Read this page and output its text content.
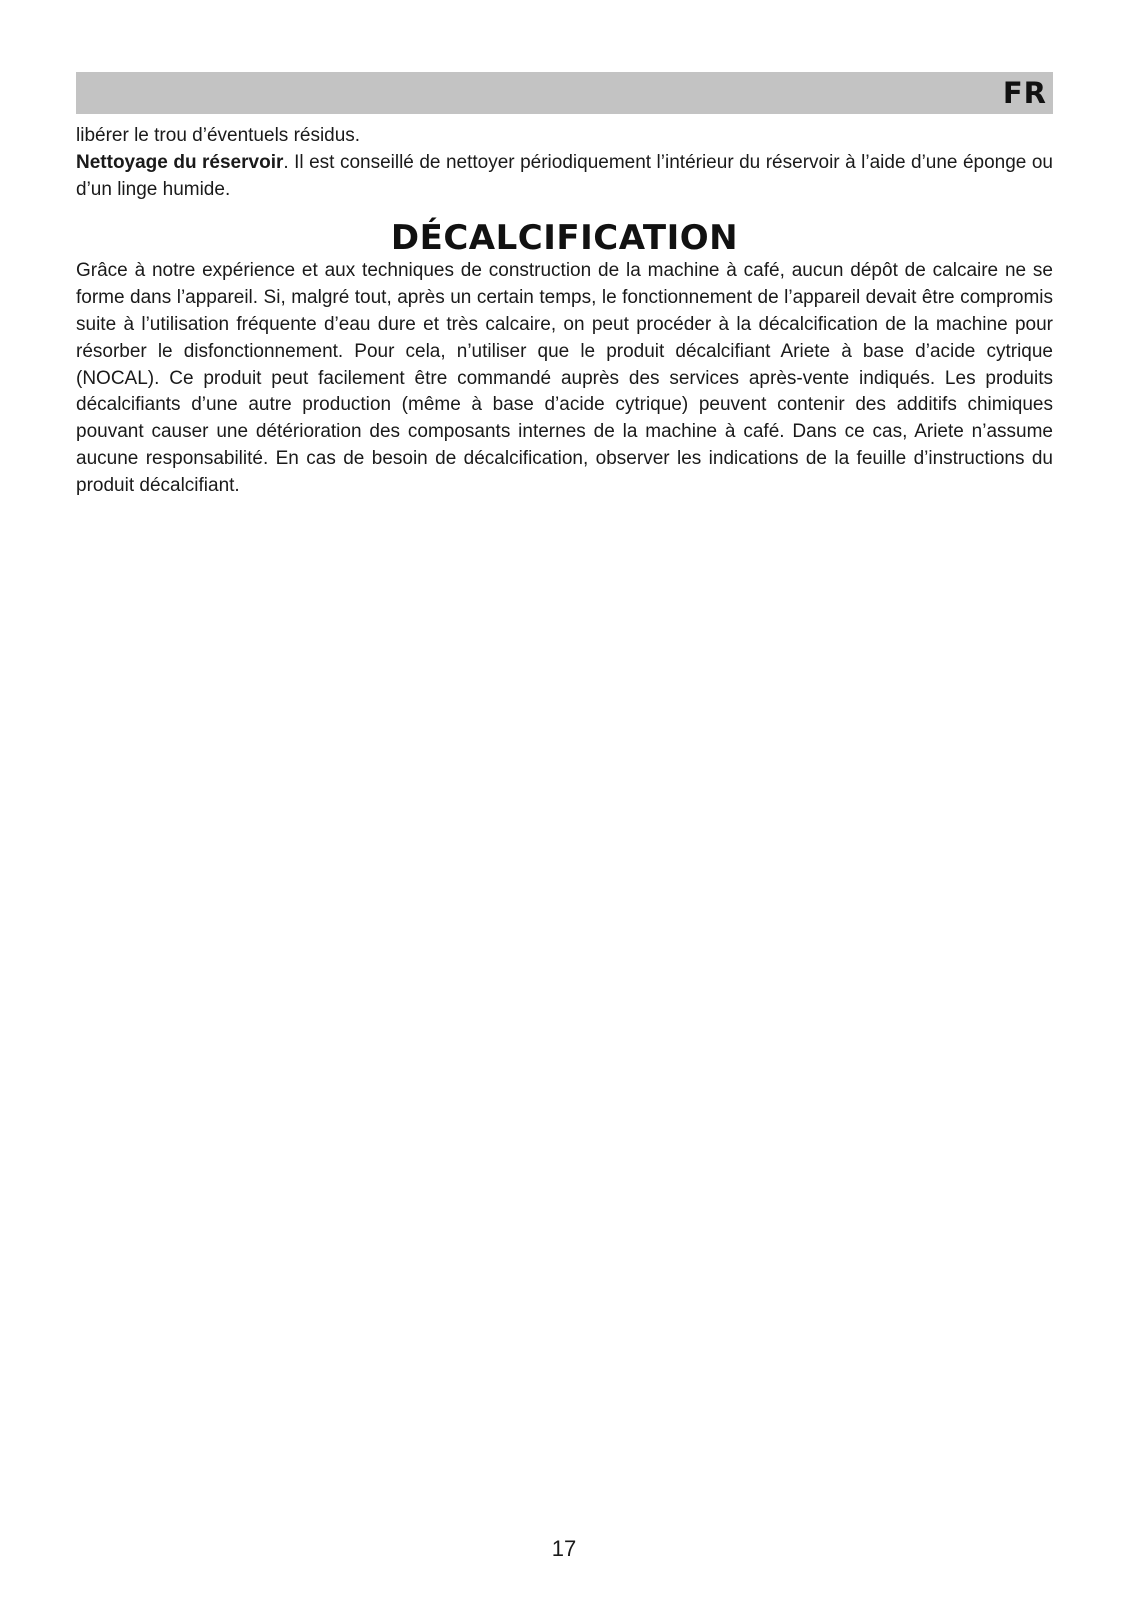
FR

libérer le trou d’éventuels résidus.

Nettoyage du réservoir. Il est conseillé de nettoyer périodiquement l’intérieur du réservoir à l’aide d’une éponge ou d’un linge humide.

DÉCALCIFICATION

Grâce à notre expérience et aux techniques de construction de la machine à café, aucun dépôt de calcaire ne se forme dans l’appareil. Si, malgré tout, après un certain temps, le fonctionnement de l’appareil devait être compromis suite à l’utilisation fréquente d’eau dure et très calcaire, on peut procéder à la décalcification de la machine pour résorber le disfonctionnement. Pour cela, n’utiliser que le produit décalcifiant Ariete à base d’acide cytrique (NOCAL). Ce produit peut facilement être commandé auprès des services après-vente indiqués. Les produits décalcifiants d’une autre production (même à base d’acide cytrique) peuvent contenir des additifs chimiques pouvant causer une détérioration des composants internes de la machine à café. Dans ce cas, Ariete n’assume aucune responsabilité. En cas de besoin de décalcification, observer les indications de la feuille d’instructions du produit décalcifiant.

17
